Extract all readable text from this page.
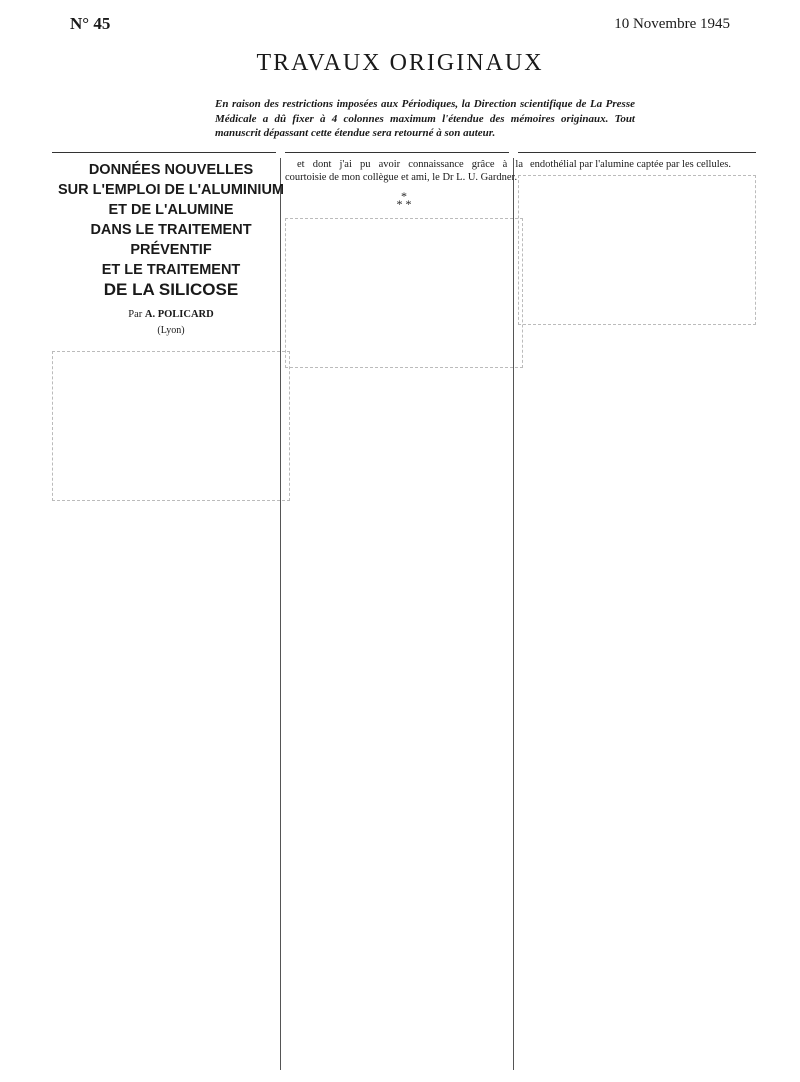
N° 45	10 Novembre 1945
TRAVAUX ORIGINAUX
En raison des restrictions imposées aux Périodiques, la Direction scientifique de La Presse Médicale a dû fixer à 4 colonnes maximum l'étendue des mémoires originaux. Tout manuscrit dépassant cette étendue sera retourné à son auteur.
DONNÉES NOUVELLES
SUR L'EMPLOI DE L'ALUMINIUM
ET DE L'ALUMINE
DANS LE TRAITEMENT PRÉVENTIF
ET LE TRAITEMENT
DE LA SILICOSE
Par A. POLICARD
(Lyon)

et dont j'ai pu avoir connaissance grâce à la courtoisie de mon collègue et ami, le Dr L. U. Gardner.

*
* *

endothélial par l'alumine captée par les cellules.
